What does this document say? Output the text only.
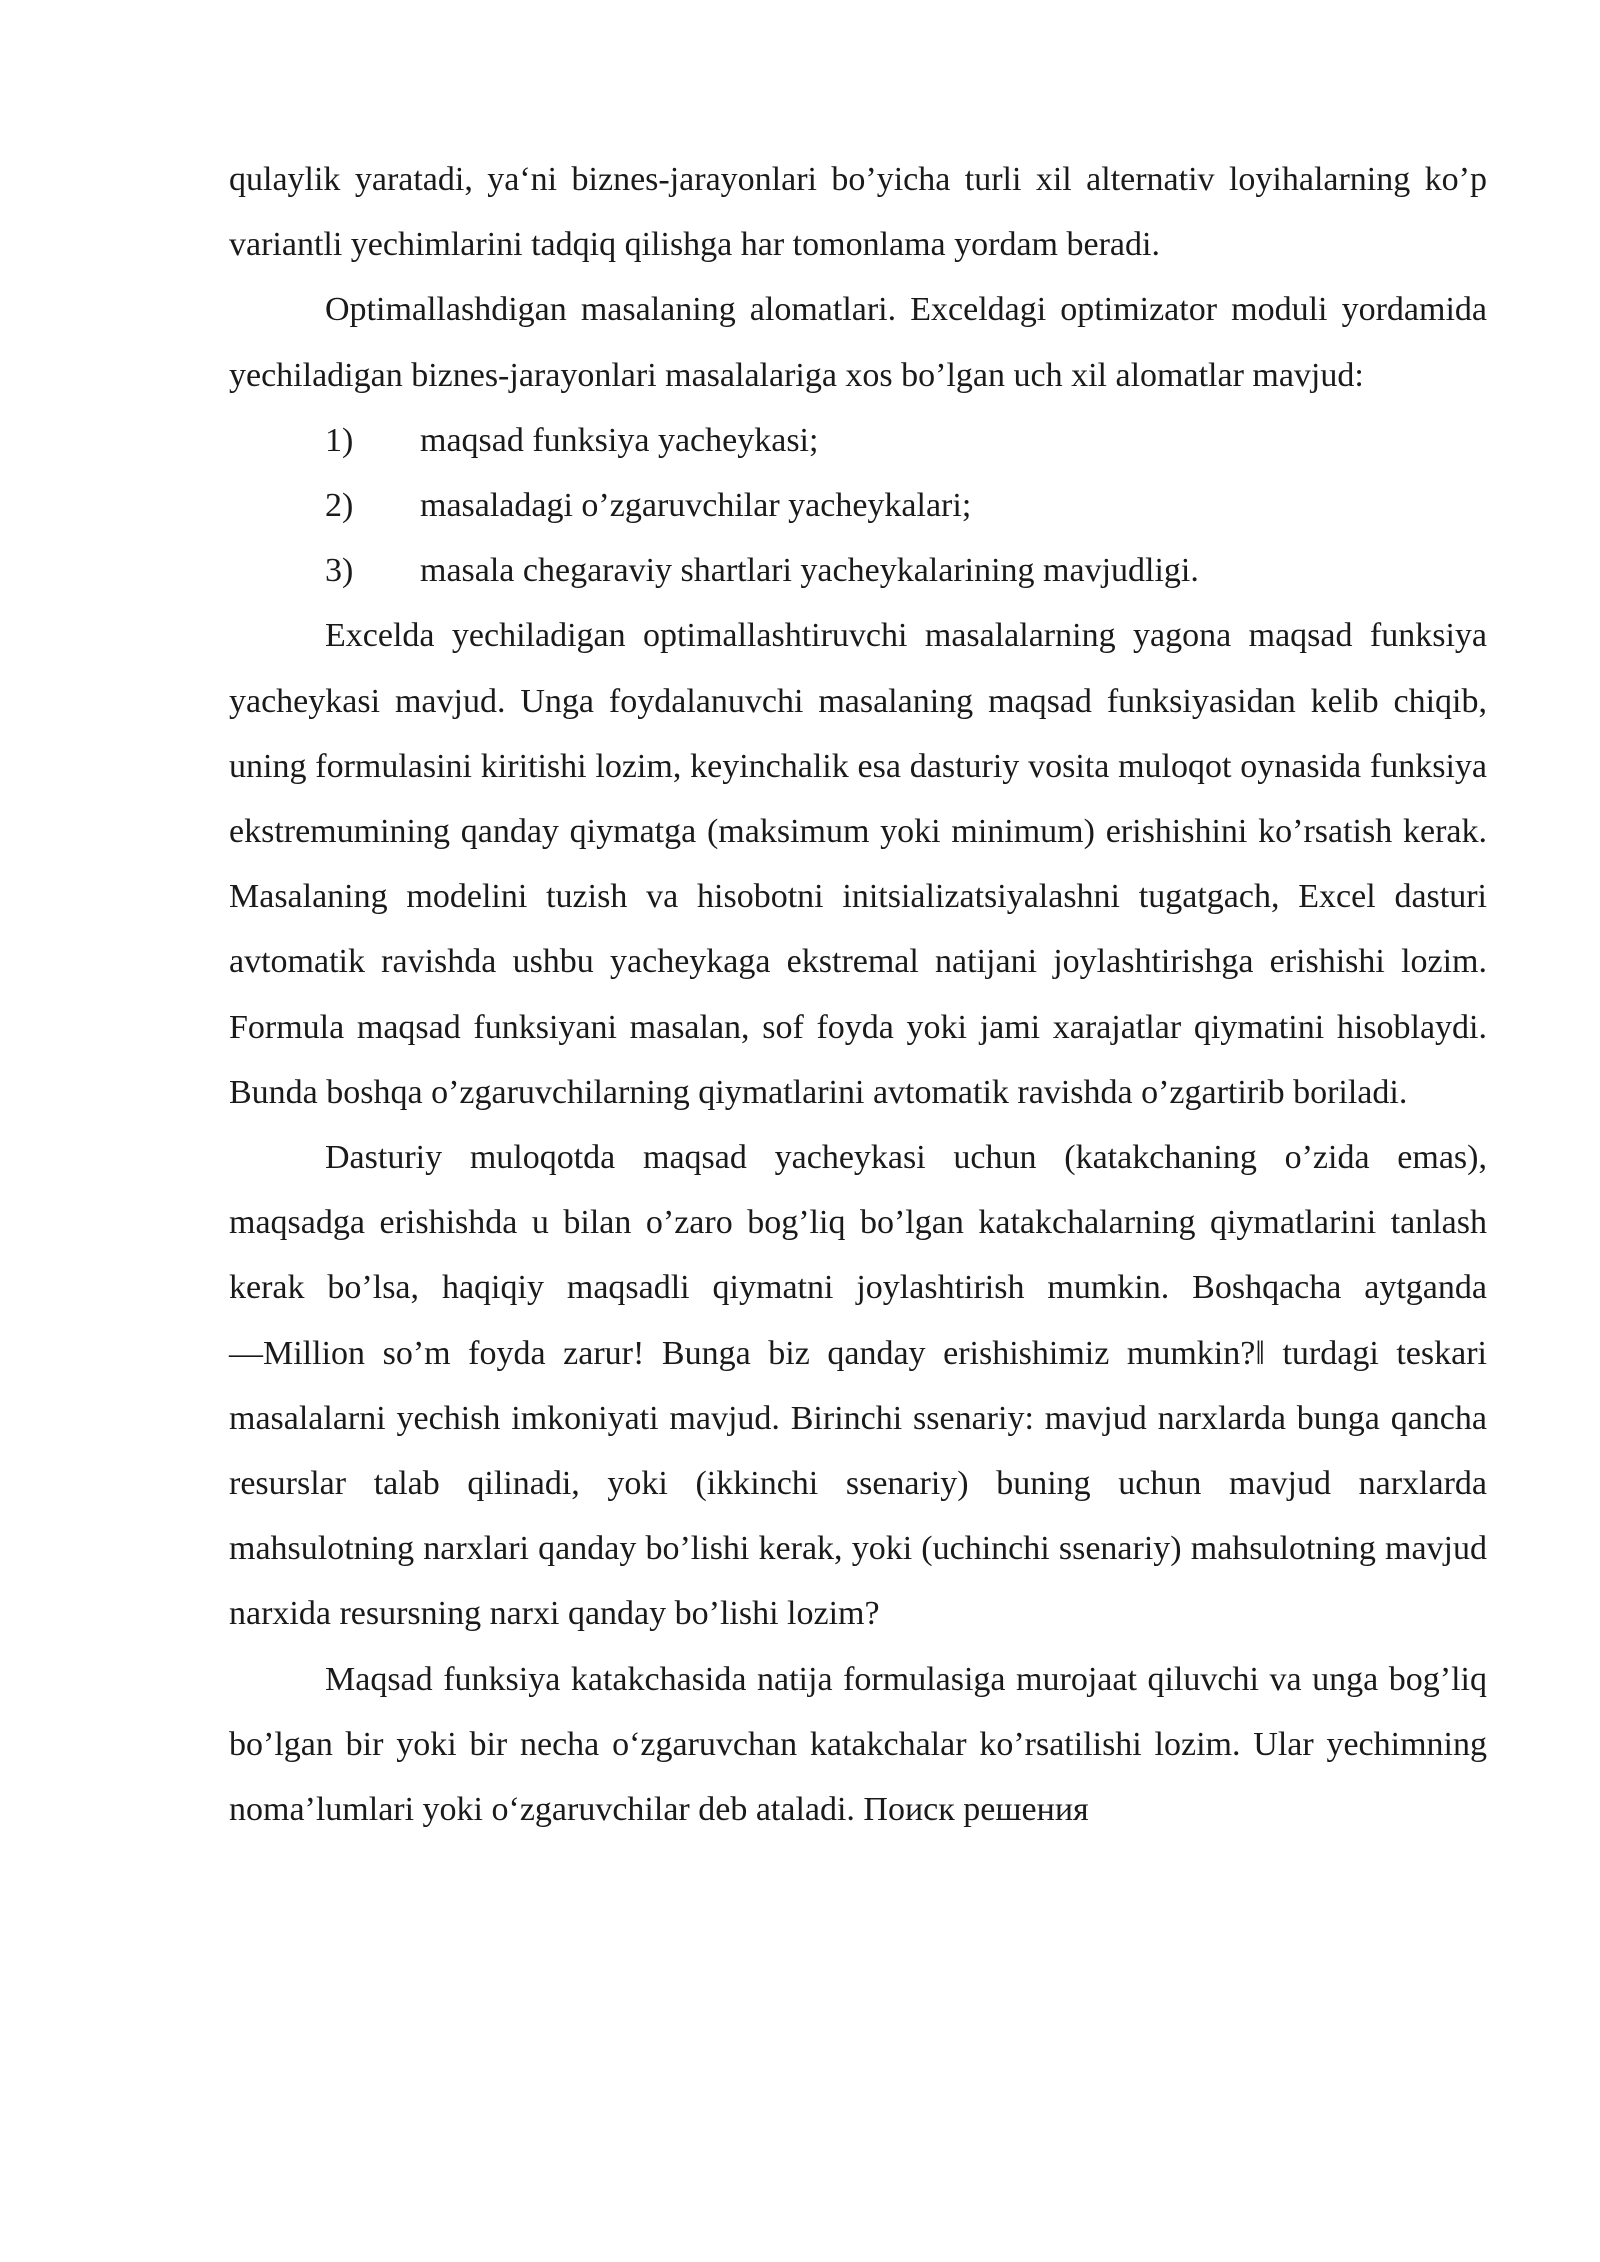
qulaylik yaratadi, ya‘ni biznes-jarayonlari bo’yicha turli xil alternativ loyihalarning ko’p variantli yechimlarini tadqiq qilishga har tomonlama yordam beradi.

Optimallashdigan masalaning alomatlari. Exceldagi optimizator moduli yordamida yechiladigan biznes-jarayonlari masalalariga xos bo’lgan uch xil alomatlar mavjud:

1)	maqsad funksiya yacheykasi;
2)	masaladagi o’zgaruvchilar yacheykalari;
3)	masala chegaraviy shartlari yacheykalarining mavjudligi.

Excelda yechiladigan optimallashtiruvchi masalalarning yagona maqsad funksiya yacheykasi mavjud. Unga foydalanuvchi masalaning maqsad funksiyasidan kelib chiqib, uning formulasini kiritishi lozim, keyinchalik esa dasturiy vosita muloqot oynasida funksiya ekstremumining qanday qiymatga (maksimum yoki minimum) erishishini ko’rsatish kerak. Masalaning modelini tuzish va hisobotni initsializatsiyalashni tugatgach, Excel dasturi avtomatik ravishda ushbu yacheykaga ekstremal natijani joylashtirishga erishishi lozim. Formula maqsad funksiyani masalan, sof foyda yoki jami xarajatlar qiymatini hisoblaydi. Bunda boshqa o’zgaruvchilarning qiymatlarini avtomatik ravishda o’zgartirib boriladi.

Dasturiy muloqotda maqsad yacheykasi uchun (katakchaning o’zida emas), maqsadga erishishda u bilan o’zaro bog’liq bo’lgan katakchalarning qiymatlarini tanlash kerak bo’lsa, haqiqiy maqsadli qiymatni joylashtirish mumkin. Boshqacha aytganda ―Million so’m foyda zarur! Bunga biz qanday erishishimiz mumkin?‖ turdagi teskari masalalarni yechish imkoniyati mavjud. Birinchi ssenariy: mavjud narxlarda bunga qancha resurslar talab qilinadi, yoki (ikkinchi ssenariy) buning uchun mavjud narxlarda mahsulotning narxlari qanday bo’lishi kerak, yoki (uchinchi ssenariy) mahsulotning mavjud narxida resursning narxi qanday bo’lishi lozim?

Maqsad funksiya katakchasida natija formulasiga murojaat qiluvchi va unga bog’liq bo’lgan bir yoki bir necha o‘zgaruvchan katakchalar ko’rsatilishi lozim. Ular yechimning noma’lumlari yoki o‘zgaruvchilar deb ataladi. Поиск решения
